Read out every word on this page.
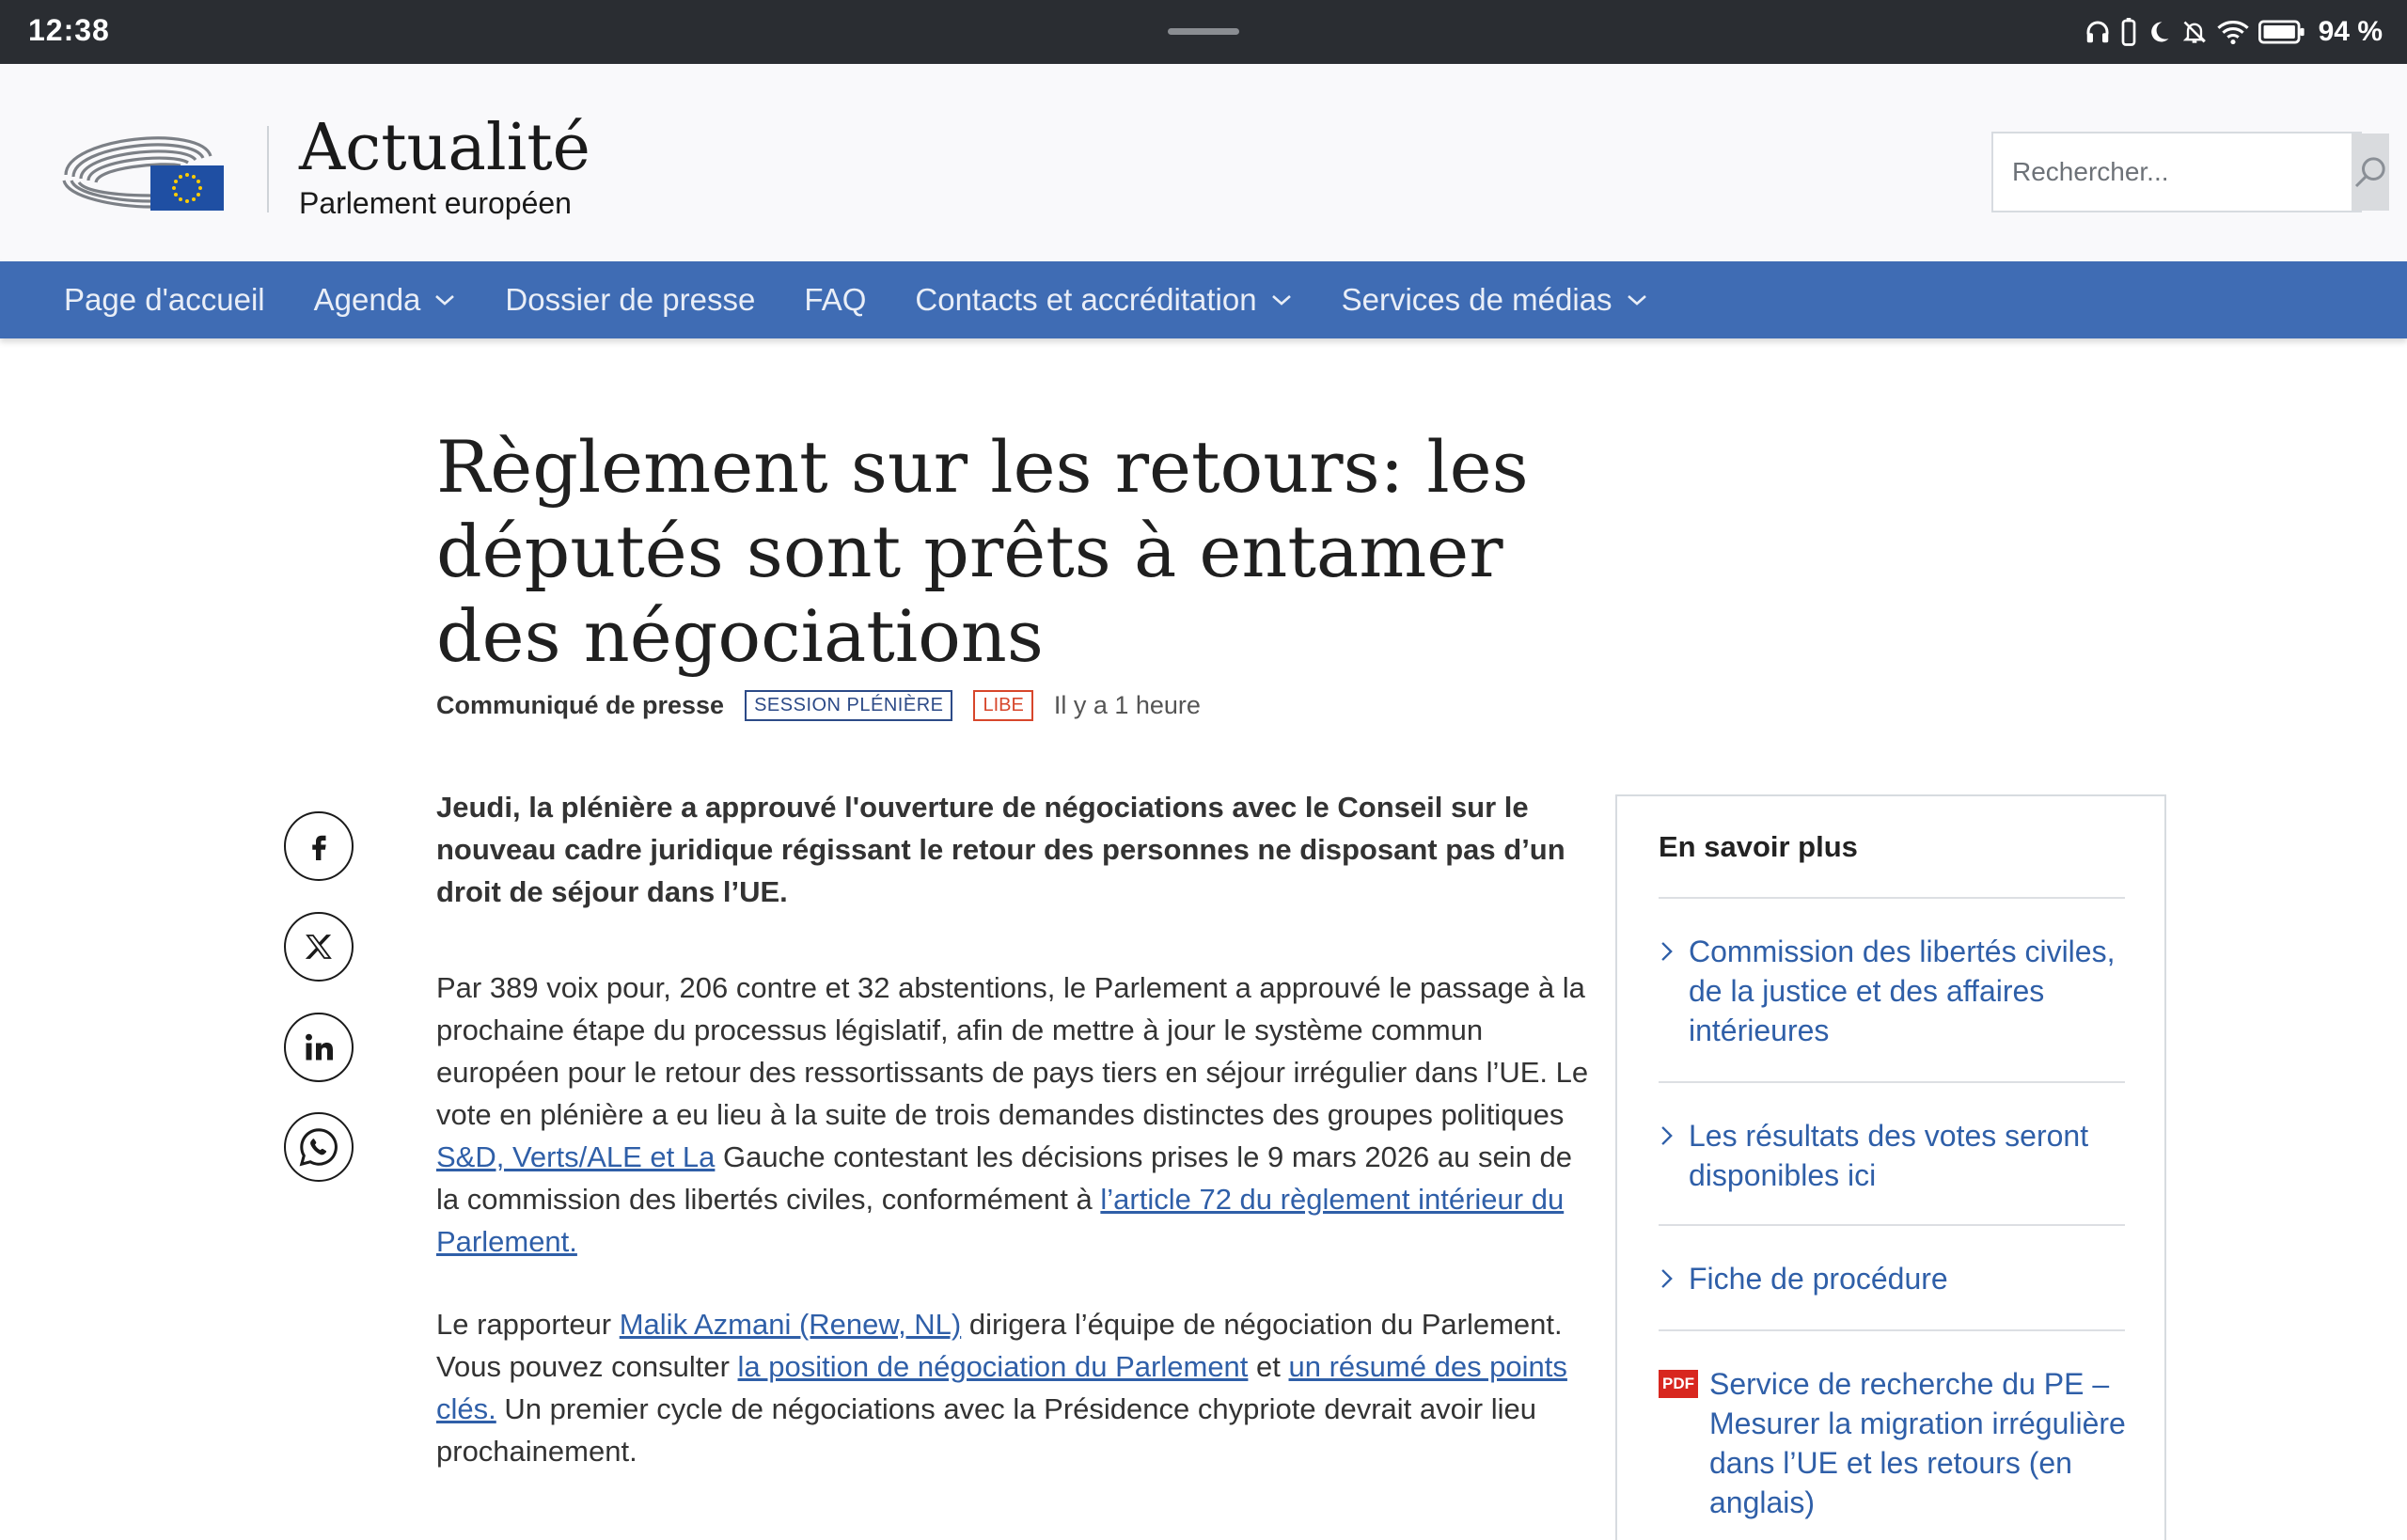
12:38	94 %
Actualité
Parlement européen
Rechercher...
Page d'accueil Agenda	Dossier de presse FAQ Contacts et accréditation	Services de médias
Règlement sur les retours: les députés sont prêts à entamer des négociations
Communiqué de presse	SESSION PLÉNIÈRE	LIBE	Il y a 1 heure

Jeudi, la plénière a approuvé l'ouverture de négociations avec le Conseil sur le nouveau cadre juridique régissant le retour des personnes ne disposant pas d’un droit de séjour dans l’UE.

Par 389 voix pour, 206 contre et 32 abstentions, le Parlement a approuvé le passage à la prochaine étape du processus législatif, afin de mettre à jour le système commun européen pour le retour des ressortissants de pays tiers en séjour irrégulier dans l’UE. Le vote en plénière a eu lieu à la suite de trois demandes distinctes des groupes politiques S&D, Verts/ALE et La Gauche contestant les décisions prises le 9 mars 2026 au sein de la commission des libertés civiles, conformément à l’article 72 du règlement intérieur du Parlement.

Le rapporteur Malik Azmani (Renew, NL) dirigera l’équipe de négociation du Parlement. Vous pouvez consulter la position de négociation du Parlement et un résumé des points clés. Un premier cycle de négociations avec la Présidence chypriote devrait avoir lieu prochainement.

En savoir plus
Commission des libertés civiles, de la justice et des affaires intérieures
Les résultats des votes seront disponibles ici
Fiche de procédure
PDF Service de recherche du PE – Mesurer la migration irrégulière dans l’UE et les retours (en anglais)
